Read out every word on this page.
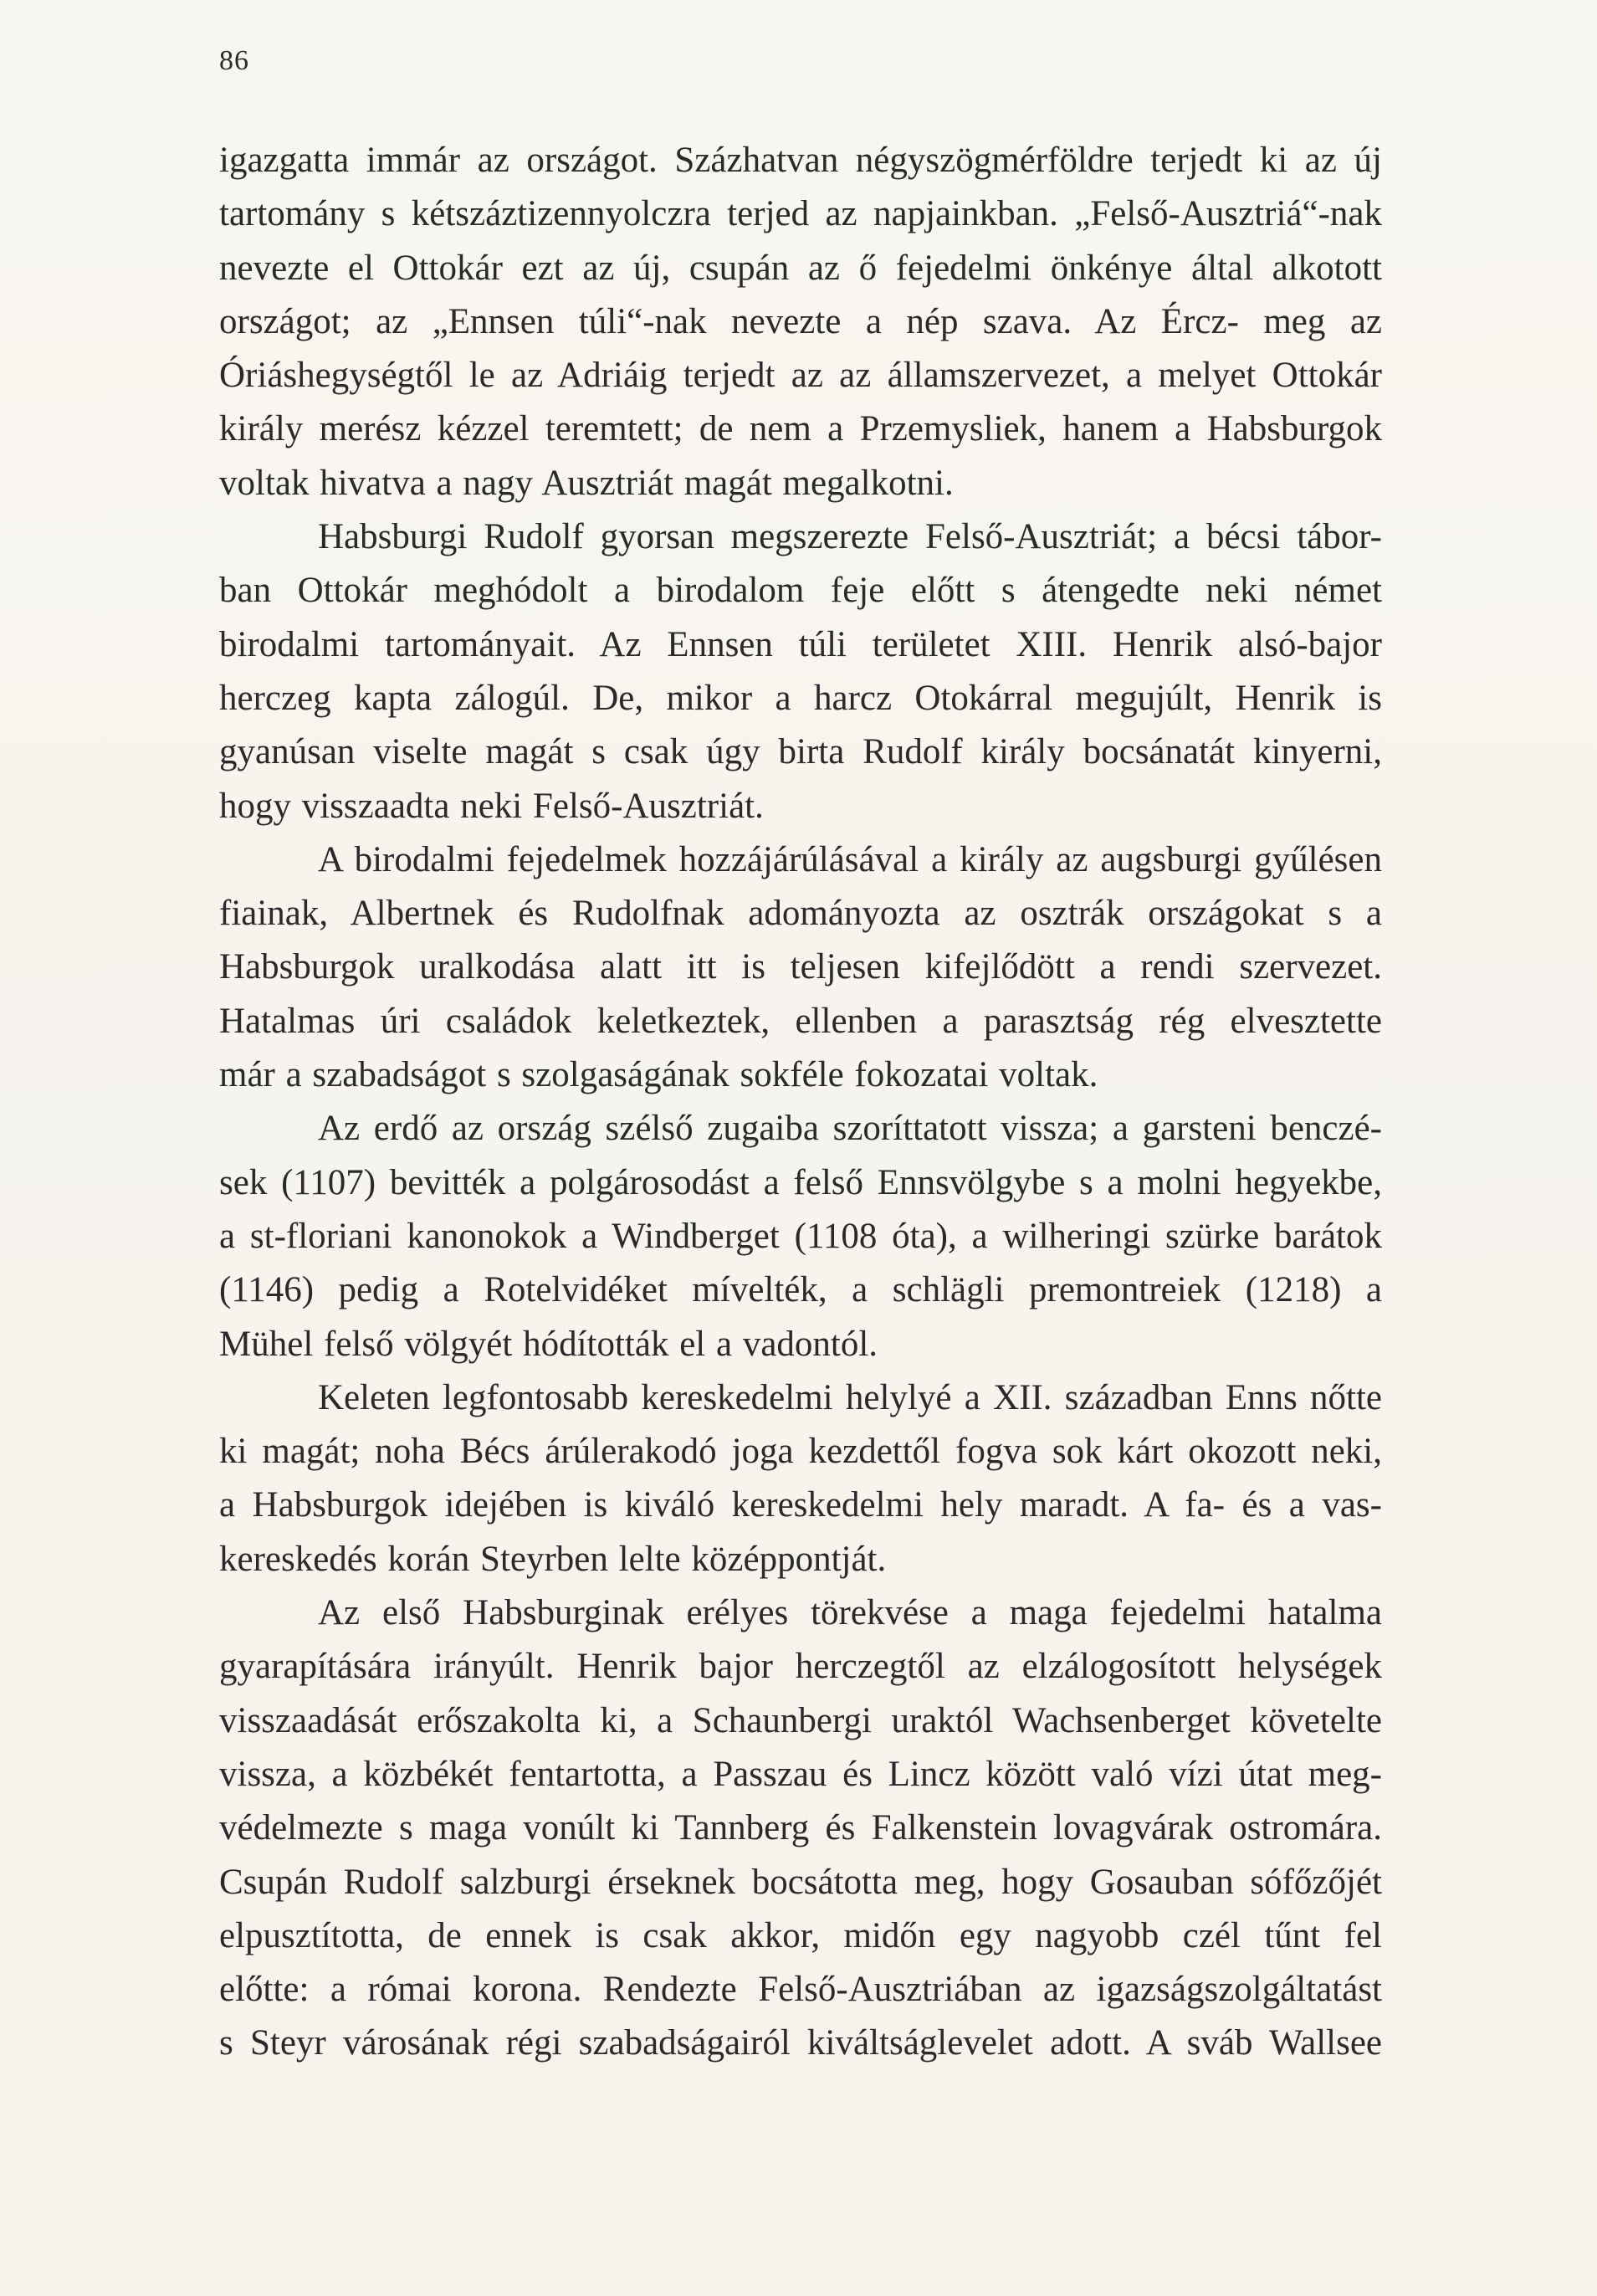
86
igazgatta immár az országot. Százhatvan négyszögmérföldre terjedt ki az új
tartomány s kétszáztizennyolczra terjed az napjainkban. „Felső-Ausztriá“-nak
nevezte el Ottokár ezt az új, csupán az ő fejedelmi önkénye által alkotott
országot; az „Ennsen túli“-nak nevezte a nép szava. Az Ércz- meg az
Óriáshegységtől le az Adriáig terjedt az az államszervezet, a melyet Ottokár
király merész kézzel teremtett; de nem a Przemysliek, hanem a Habsburgok
voltak hivatva a nagy Ausztriát magát megalkotni.
Habsburgi Rudolf gyorsan megszerezte Felső-Ausztriát; a bécsi tábor-
ban Ottokár meghódolt a birodalom feje előtt s átengedte neki német
birodalmi tartományait. Az Ennsen túli területet XIII. Henrik alsó-bajor
herczeg kapta zálogúl. De, mikor a harcz Otokárral megujúlt, Henrik is
gyanúsan viselte magát s csak úgy birta Rudolf király bocsánatát kinyerni,
hogy visszaadta neki Felső-Ausztriát.
A birodalmi fejedelmek hozzájárúlásával a király az augsburgi gyűlésen
fiainak, Albertnek és Rudolfnak adományozta az osztrák országokat s a
Habsburgok uralkodása alatt itt is teljesen kifejlődött a rendi szervezet.
Hatalmas úri családok keletkeztek, ellenben a parasztság rég elvesztette
már a szabadságot s szolgaságának sokféle fokozatai voltak.
Az erdő az ország szélső zugaiba szoríttatott vissza; a garsteni benczé-
sek (1107) bevitték a polgárosodást a felső Ennsvölgybe s a molni hegyekbe,
a st-floriani kanonokok a Windberget (1108 óta), a wilheringi szürke barátok
(1146) pedig a Rotelvidéket mívelték, a schlägli premontreiek (1218) a
Mühel felső völgyét hódították el a vadontól.
Keleten legfontosabb kereskedelmi helylyé a XII. században Enns nőtte
ki magát; noha Bécs árúlerakodó joga kezdettől fogva sok kárt okozott neki,
a Habsburgok idejében is kiváló kereskedelmi hely maradt. A fa- és a vas-
kereskedés korán Steyrben lelte középpontját.
Az első Habsburginak erélyes törekvése a maga fejedelmi hatalma
gyarapítására irányúlt. Henrik bajor herczegtől az elzálogosított helységek
visszaadását erőszakolta ki, a Schaunbergi uraktól Wachsenberget követelte
vissza, a közbékét fentartotta, a Passzau és Lincz között való vízi útat meg-
védelmezte s maga vonúlt ki Tannberg és Falkenstein lovagvárak ostromára.
Csupán Rudolf salzburgi érseknek bocsátotta meg, hogy Gosauban sófőzőjét
elpusztította, de ennek is csak akkor, midőn egy nagyobb czél tűnt fel
előtte: a római korona. Rendezte Felső-Ausztriában az igazságszolgáltatást
s Steyr városának régi szabadságairól kiváltságlevelet adott. A sváb Wallsee
